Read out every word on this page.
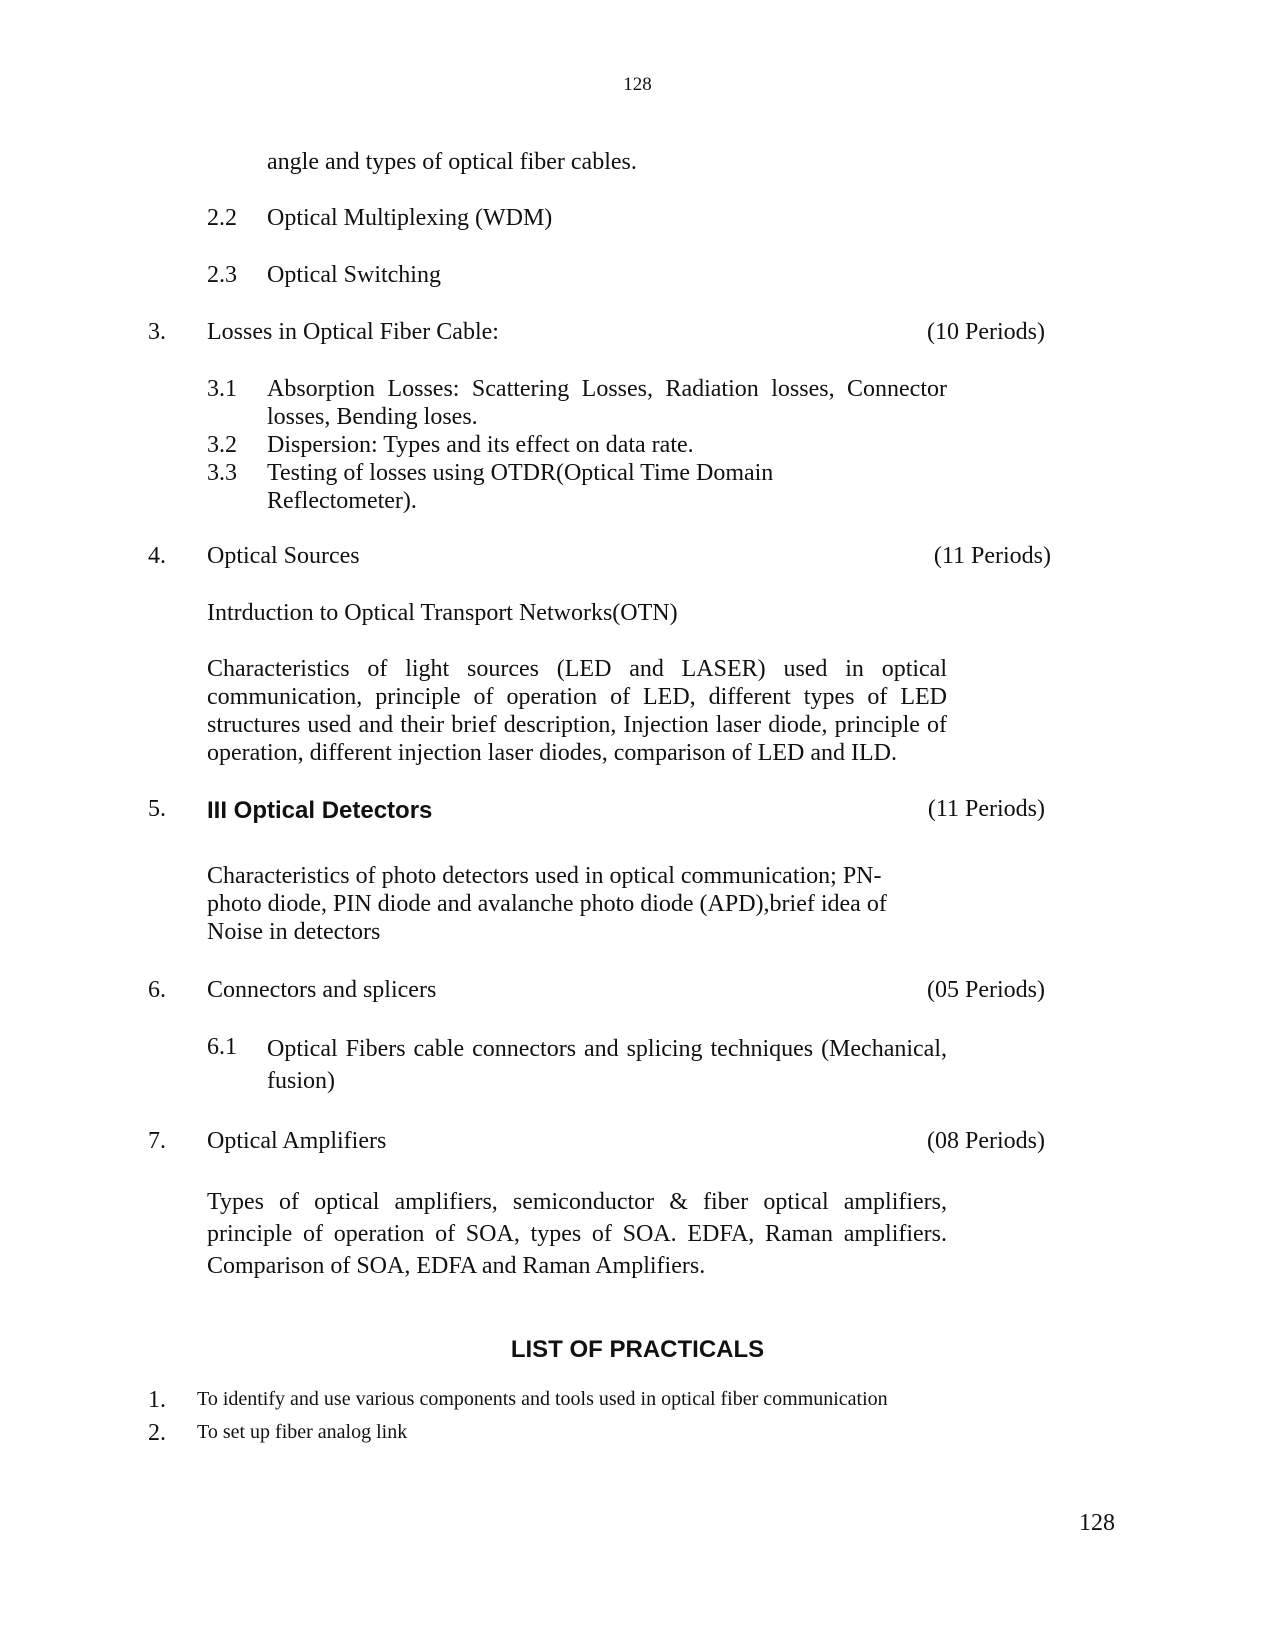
128
angle and types of optical fiber cables.
2.2 Optical Multiplexing (WDM)
2.3 Optical Switching
3. Losses in Optical Fiber Cable:	(10 Periods)
3.1 Absorption Losses: Scattering Losses, Radiation losses, Connector losses, Bending loses.
3.2 Dispersion: Types and its effect on data rate.
3.3 Testing of losses using OTDR(Optical Time Domain
Reflectometer).
4. Optical Sources	(11 Periods)
Intrduction to Optical Transport Networks(OTN)
Characteristics of light sources (LED and LASER) used in optical communication, principle of operation of LED, different types of LED structures used and their brief description, Injection laser diode, principle of operation, different injection laser diodes, comparison of LED and ILD.
5. III Optical Detectors	(11 Periods)
Characteristics of photo detectors used in optical communication; PN-
photo diode, PIN diode and avalanche photo diode (APD),brief idea of
Noise in detectors
6. Connectors and splicers	(05 Periods)
6.1 Optical Fibers cable connectors and splicing techniques (Mechanical, fusion)
7. Optical Amplifiers	(08 Periods)
Types of optical amplifiers, semiconductor & fiber optical amplifiers, principle of operation of SOA, types of SOA. EDFA, Raman amplifiers. Comparison of SOA, EDFA and Raman Amplifiers.
LIST OF PRACTICALS
1. To identify and use various components and tools used in optical fiber communication
2. To set up fiber analog link
128
